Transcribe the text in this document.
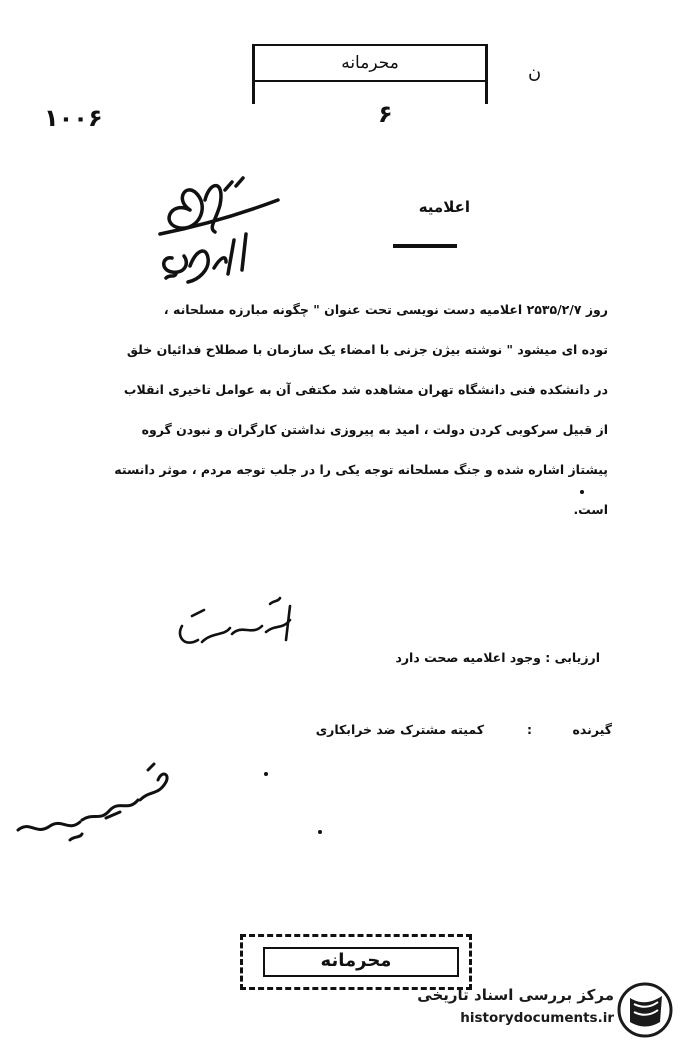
محرمانه	ن
۱۰۰۶	۶
اعلامیه

روز ۲۵۳۵/۲/۷ اعلامیه دست نویسی تحت عنوان " چگونه مبارزه مسلحانه ،

توده ای میشود " نوشته بیژن جزنی با امضاء یک سازمان با صطلاح فدائیان خلق

در دانشکده فنی دانشگاه تهران مشاهده شد مکتفی آن به عوامل تاخیری انقلاب

از قبیل سرکوبی کردن دولت ، امید به پیروزی نداشتن کارگران و نبودن گروه

پیشتاز اشاره شده و جنگ مسلحانه توجه یکی را در جلب توجه مردم ، موثر دانسته

است.

ارزیابی : وجود اعلامیه صحت دارد
گیرنده
:
کمیته مشترک ضد خرابکاری
محرمانه
مرکز بررسی اسناد تاریخی
historydocuments.ir
